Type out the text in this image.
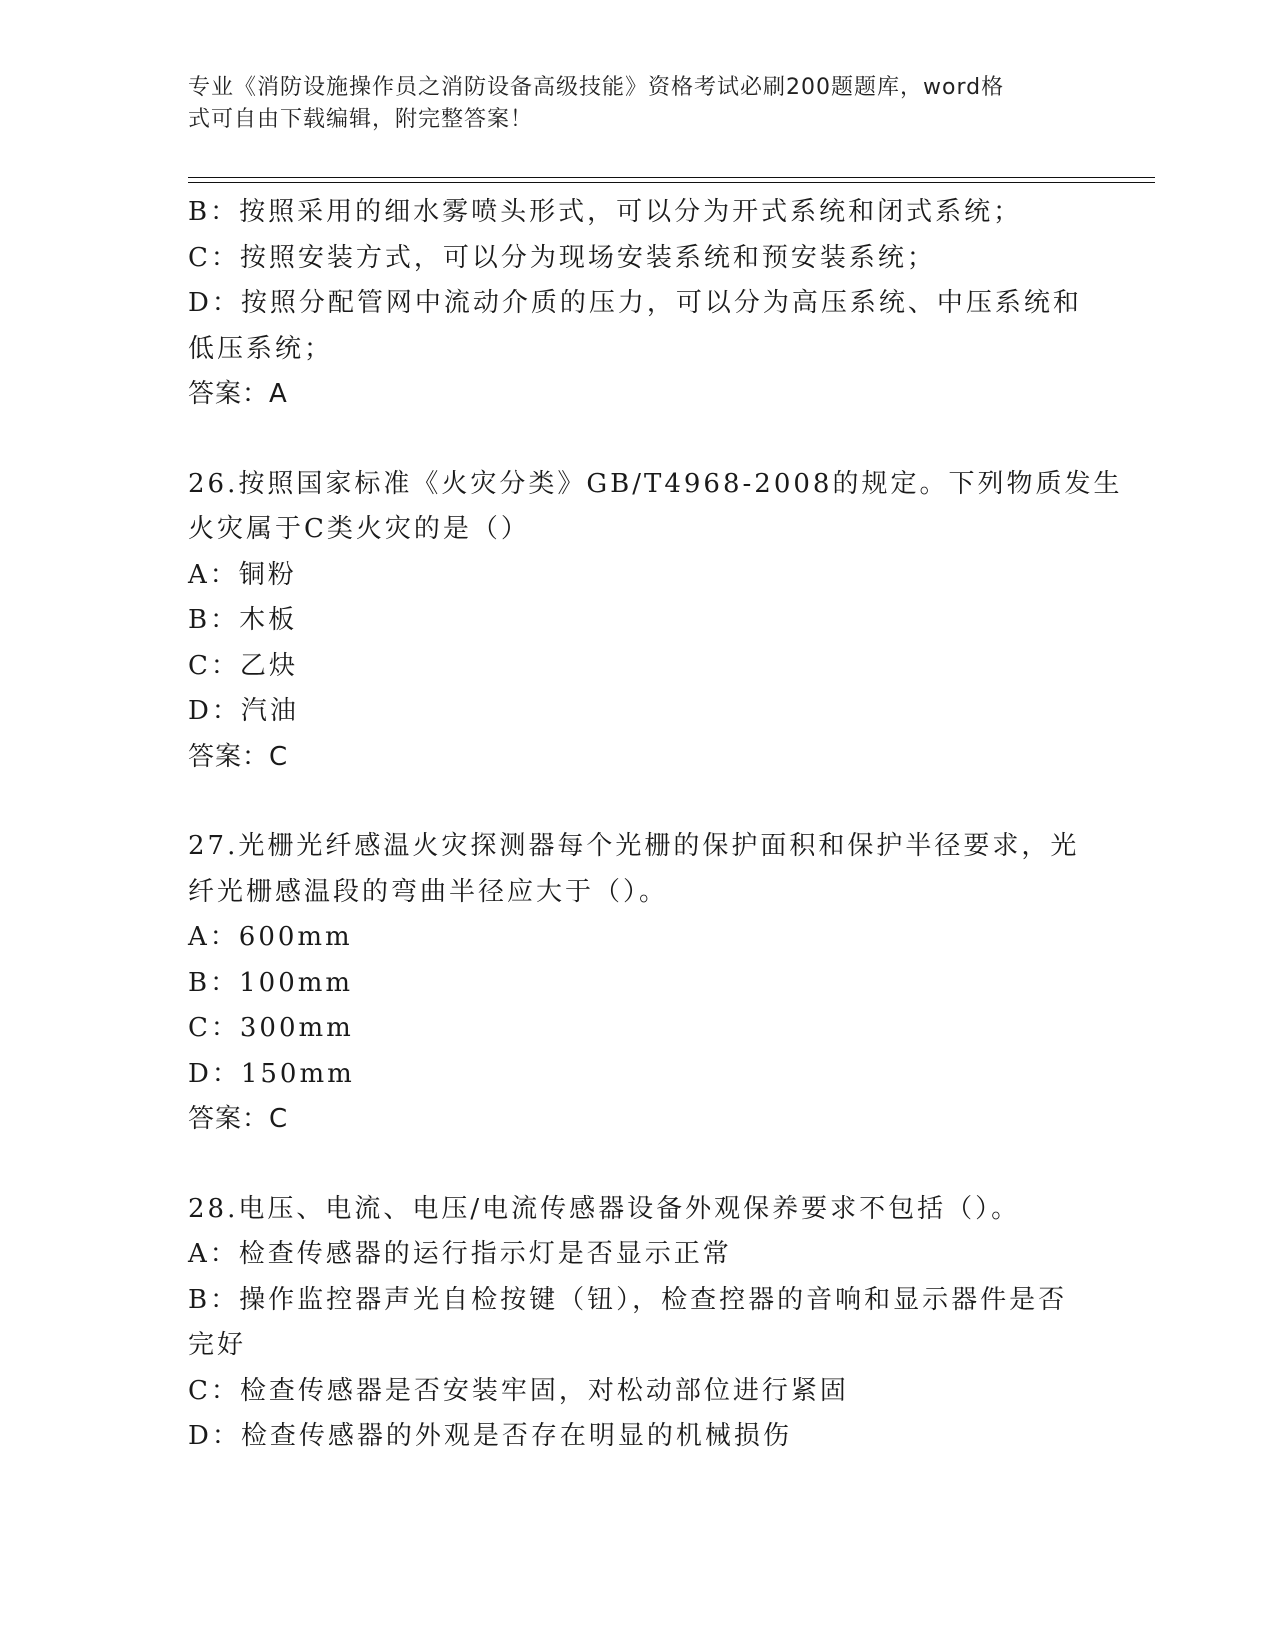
专业《消防设施操作员之消防设备高级技能》资格考试必刷200题题库，word格
式可自由下载编辑，附完整答案！
B：按照采用的细水雾喷头形式，可以分为开式系统和闭式系统；
C：按照安装方式，可以分为现场安装系统和预安装系统；
D：按照分配管网中流动介质的压力，可以分为高压系统、中压系统和
低压系统；
答案：A
26.按照国家标准《火灾分类》GB/T4968-2008的规定。下列物质发生
火灾属于C类火灾的是（）
A：铜粉
B：木板
C：乙炔
D：汽油
答案：C
27.光栅光纤感温火灾探测器每个光栅的保护面积和保护半径要求，光
纤光栅感温段的弯曲半径应大于（）。
A：600mm
B：100mm
C：300mm
D：150mm
答案：C
28.电压、电流、电压/电流传感器设备外观保养要求不包括（）。
A：检查传感器的运行指示灯是否显示正常
B：操作监控器声光自检按键（钮），检查控器的音响和显示器件是否
完好
C：检查传感器是否安装牢固，对松动部位进行紧固
D：检查传感器的外观是否存在明显的机械损伤
